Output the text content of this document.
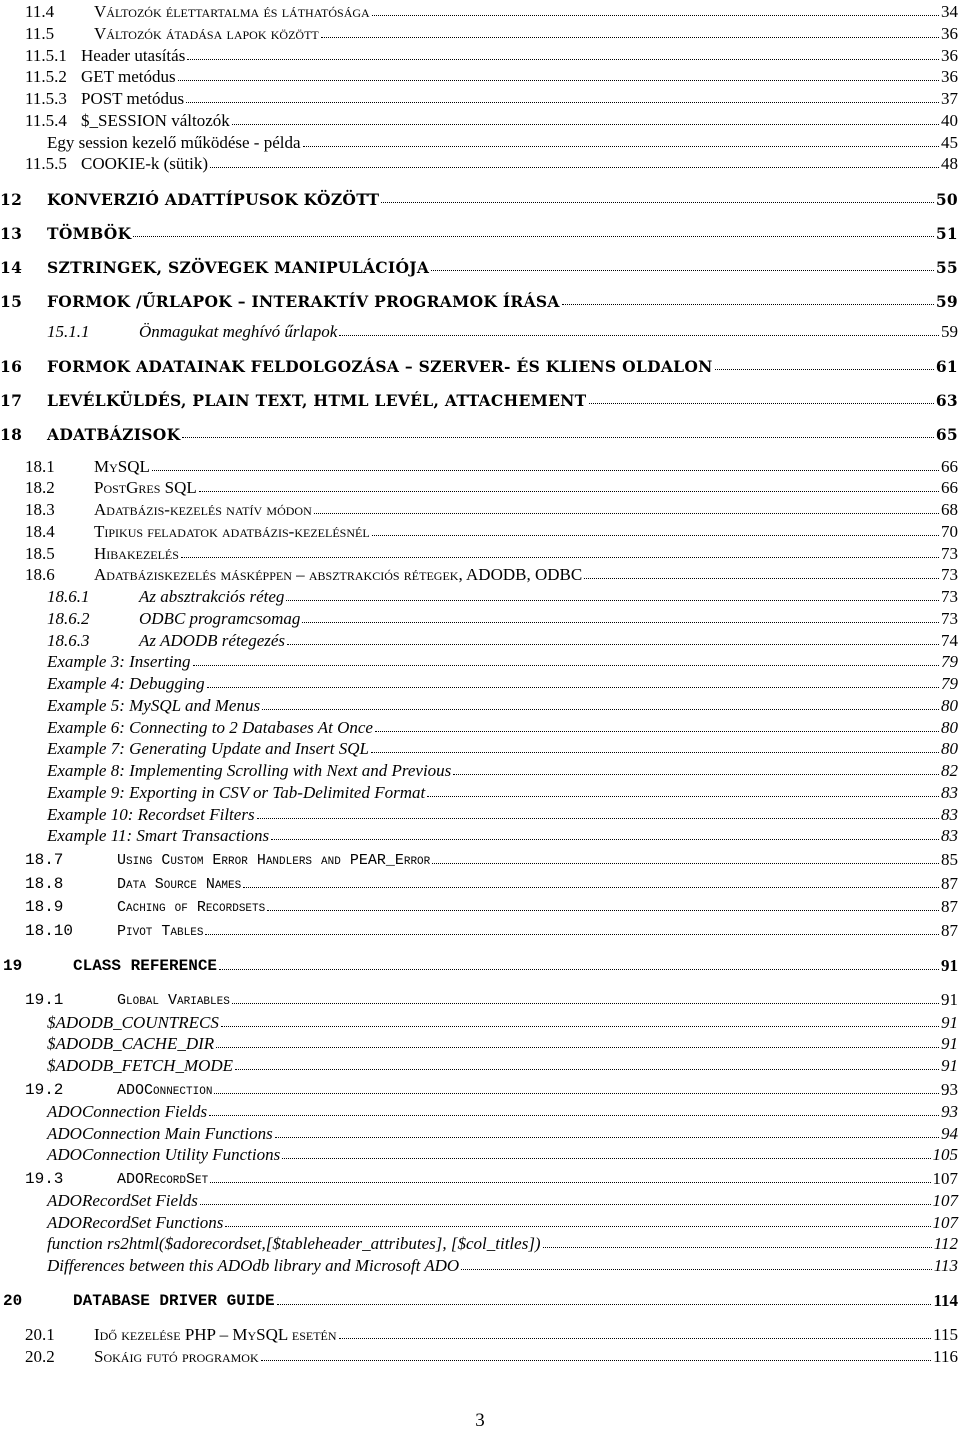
11.4	Változók élettartalma és láthatósága	34
11.5	Változók átadása lapok között	36
11.5.1 Header utasítás	36
11.5.2 GET metódus	36
11.5.3 POST metódus	37
11.5.4 $_SESSION változók	40
Egy session kezelő működése - példa	45
11.5.5 COOKIE-k (sütik)	48
12	KONVERZIÓ ADATTÍPUSOK KÖZÖTT	50
13	TÖMBÖK	51
14	SZTRINGEK, SZÖVEGEK MANIPULÁCIÓJA	55
15	FORMOK /ŰRLAPOK – INTERAKTÍV PROGRAMOK ÍRÁSA	59
15.1.1	Önmagukat meghívó űrlapok	59
16	FORMOK ADATAINAK FELDOLGOZÁSA – SZERVER- ÉS KLIENS OLDALON	61
17	LEVÉLKÜLDÉS, PLAIN TEXT, HTML LEVÉL, ATTACHEMENT	63
18	ADATBÁZISOK	65
18.1	MySQL	66
18.2	PostGres SQL	66
18.3	Adatbázis-kezelés natív módon	68
18.4	Tipikus feladatok adatbázis-kezelésnél	70
18.5	Hibakezelés	73
18.6	Adatbáziskezelés másképpen – absztrakciós rétegek, ADODB, ODBC	73
18.6.1	Az absztrakciós réteg	73
18.6.2	ODBC programcsomag	73
18.6.3	Az ADODB rétegezés	74
Example 3: Inserting	79
Example 4: Debugging	79
Example 5: MySQL and Menus	80
Example 6: Connecting to 2 Databases At Once	80
Example 7: Generating Update and Insert SQL	80
Example 8: Implementing Scrolling with Next and Previous	82
Example 9: Exporting in CSV or Tab-Delimited Format	83
Example 10: Recordset Filters	83
Example 11: Smart Transactions	83
18.7	Using Custom Error Handlers and PEAR_Error	85
18.8	Data Source Names	87
18.9	Caching of Recordsets	87
18.10	Pivot Tables	87
19	CLASS REFERENCE	91
19.1	Global Variables	91
$ADODB_COUNTRECS	91
$ADODB_CACHE_DIR	91
$ADODB_FETCH_MODE	91
19.2	ADOConnection	93
ADOConnection Fields	93
ADOConnection Main Functions	94
ADOConnection Utility Functions	105
19.3	ADORecordSet	107
ADORecordSet Fields	107
ADORecordSet Functions	107
function rs2html($adorecordset,[$tableheader_attributes], [$col_titles])	112
Differences between this ADOdb library and Microsoft ADO	113
20	DATABASE DRIVER GUIDE	114
20.1	Idő kezelése PHP – MySQL esetén	115
20.2	Sokáig futó programok	116
3
